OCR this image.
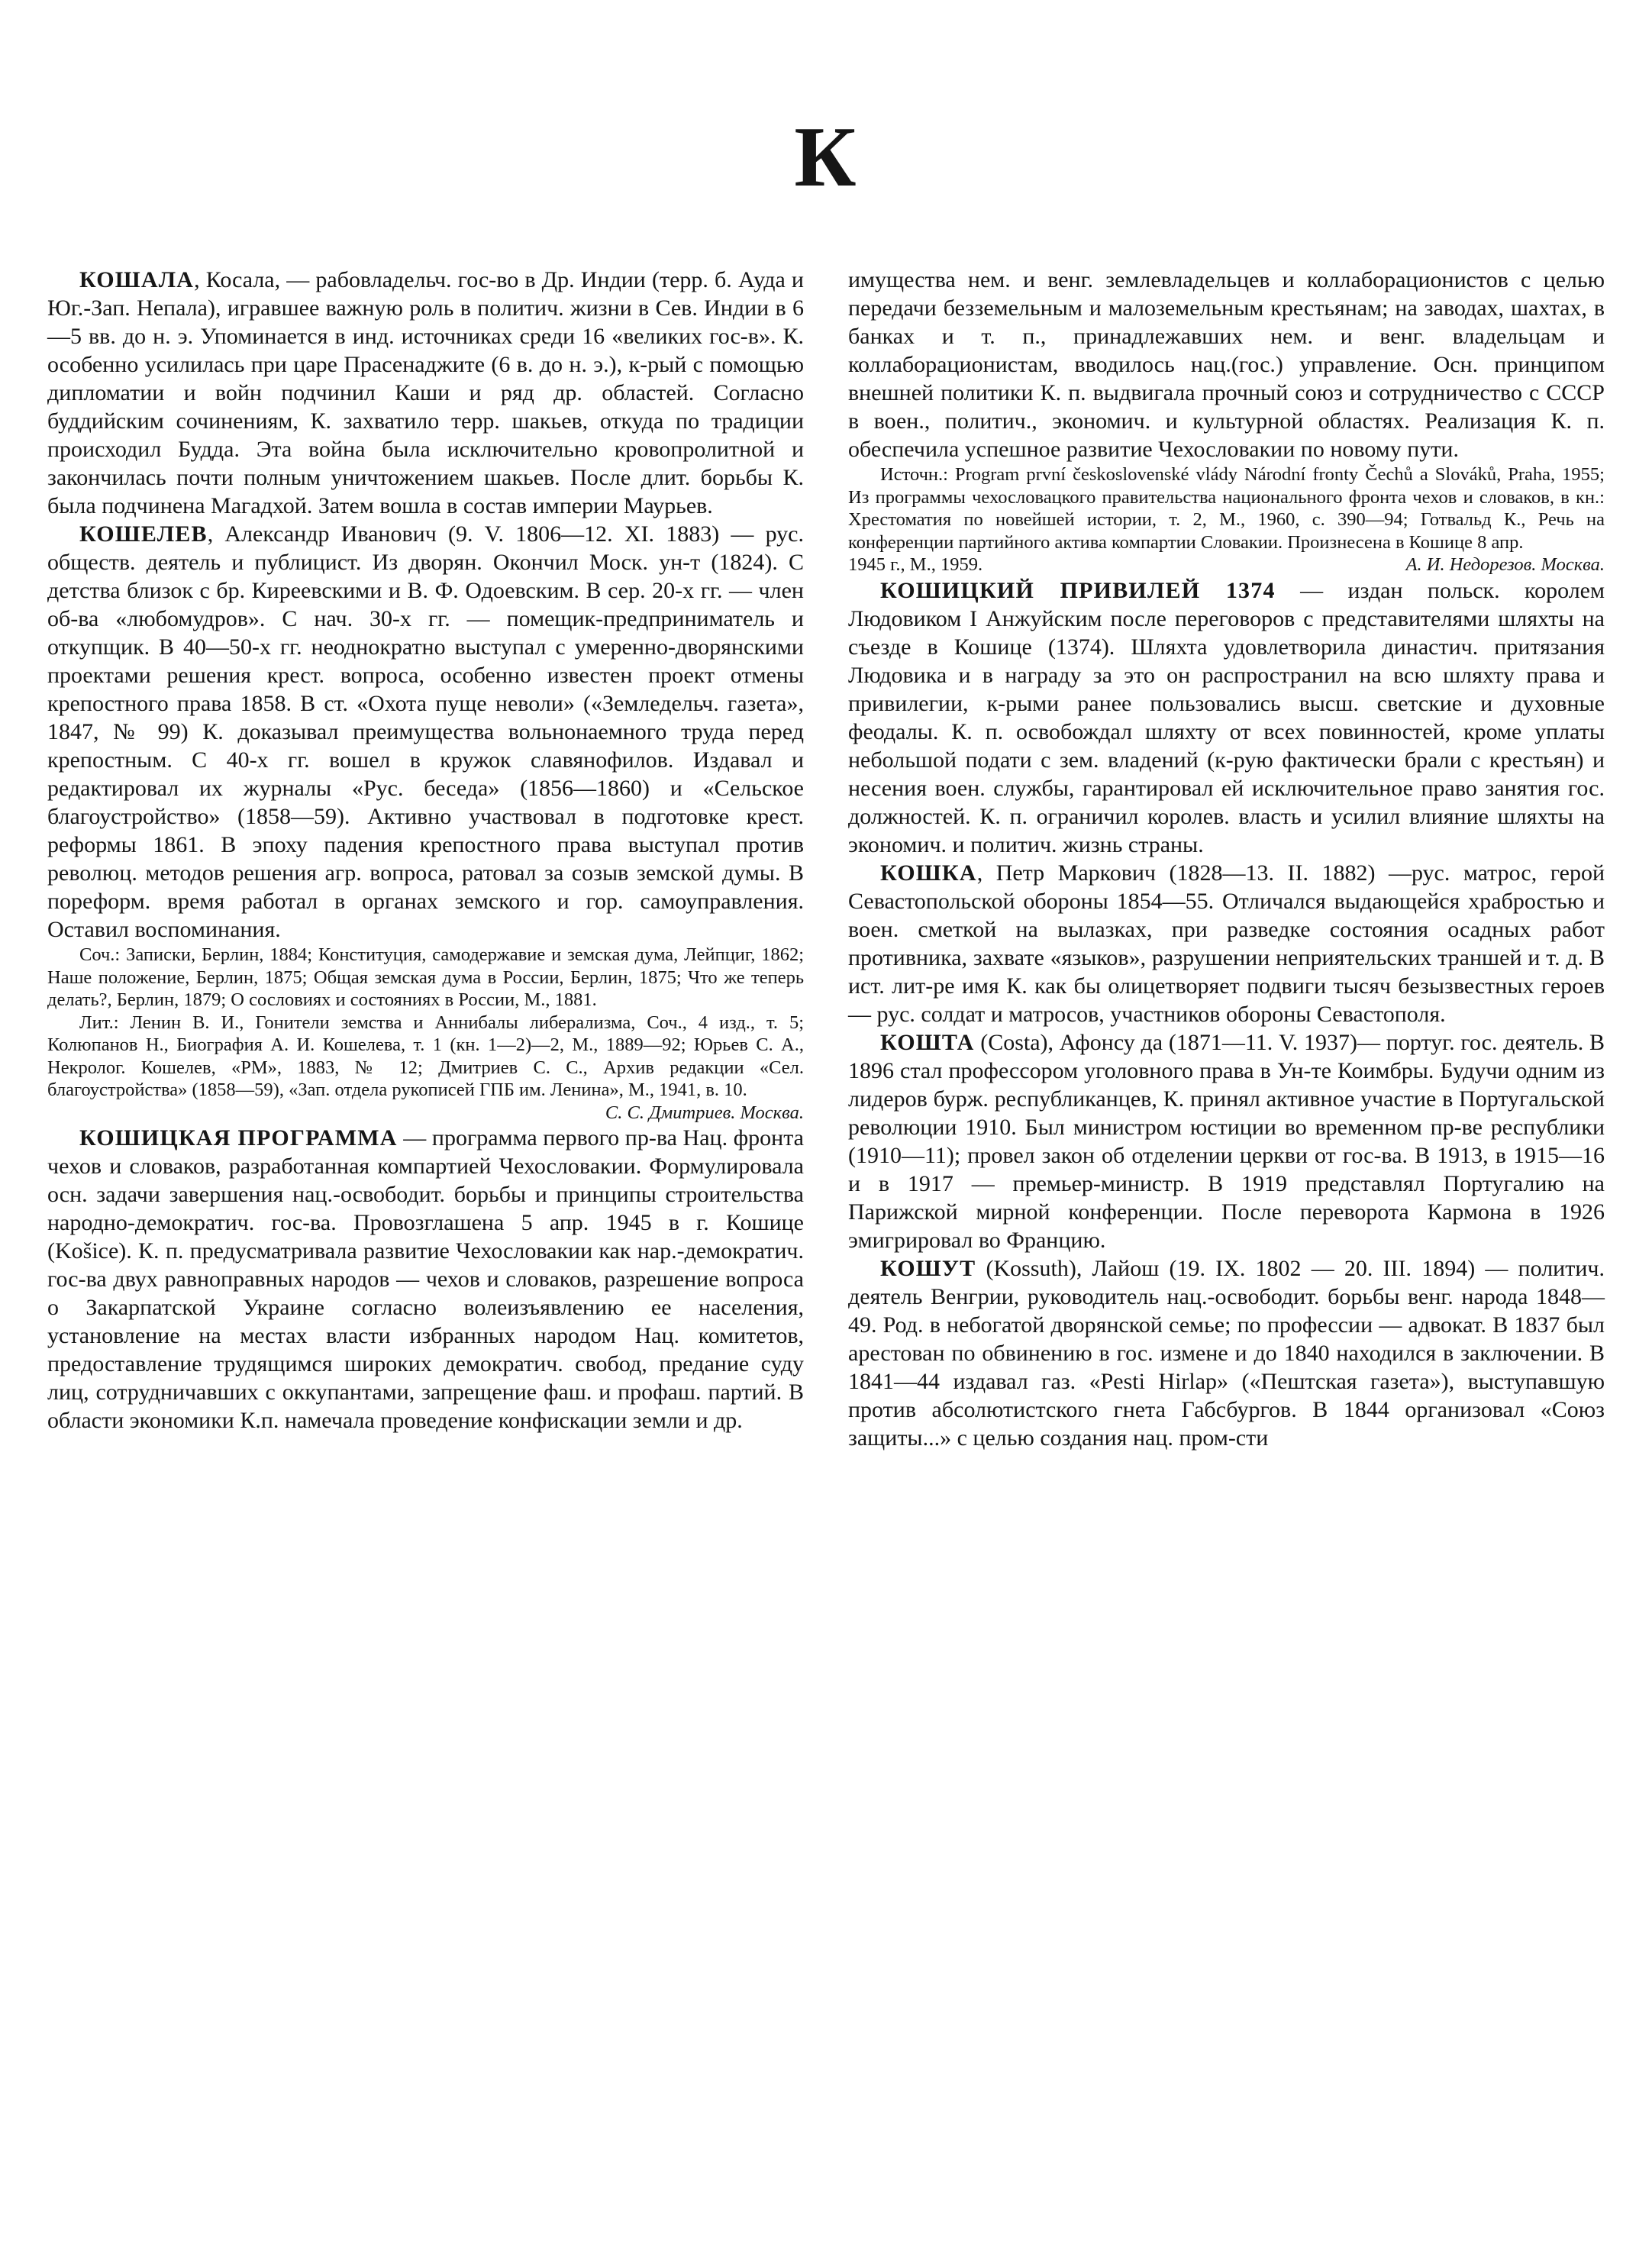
К

КОШАЛА, Косала, — рабовладельч. гос-во в Др. Индии (терр. б. Ауда и Юг.-Зап. Непала), игравшее важную роль в политич. жизни в Сев. Индии в 6—5 вв. до н. э. Упоминается в инд. источниках среди 16 «великих гос-в». К. особенно усилилась при царе Прасенаджите (6 в. до н. э.), к-рый с помощью дипломатии и войн подчинил Каши и ряд др. областей. Согласно буддийским сочинениям, К. захватило терр. шакьев, откуда по традиции происходил Будда. Эта война была исключительно кровопролитной и закончилась почти полным уничтожением шакьев. После длит. борьбы К. была подчинена Магадхой. Затем вошла в состав империи Маурьев.

КОШЕЛЕВ, Александр Иванович (9. V. 1806—12. XI. 1883) — рус. обществ. деятель и публицист. Из дворян. Окончил Моск. ун-т (1824). С детства близок с бр. Киреевскими и В. Ф. Одоевским. В сер. 20-х гг. — член об-ва «любомудров». С нач. 30-х гг. — помещик-предприниматель и откупщик. В 40—50-х гг. неоднократно выступал с умеренно-дворянскими проектами решения крест. вопроса, особенно известен проект отмены крепостного права 1858. В ст. «Охота пуще неволи» («Земледельч. газета», 1847, № 99) К. доказывал преимущества вольнонаемного труда перед крепостным. С 40-х гг. вошел в кружок славянофилов. Издавал и редактировал их журналы «Рус. беседа» (1856—1860) и «Сельское благоустройство» (1858—59). Активно участвовал в подготовке крест. реформы 1861. В эпоху падения крепостного права выступал против революц. методов решения агр. вопроса, ратовал за созыв земской думы. В пореформ. время работал в органах земского и гор. самоуправления. Оставил воспоминания.

Соч.: Записки, Берлин, 1884; Конституция, самодержавие и земская дума, Лейпциг, 1862; Наше положение, Берлин, 1875; Общая земская дума в России, Берлин, 1875; Что же теперь делать?, Берлин, 1879; О сословиях и состояниях в России, М., 1881.

Лит.: Ленин В. И., Гонители земства и Аннибалы либерализма, Соч., 4 изд., т. 5; Колюпанов Н., Биография А. И. Кошелева, т. 1 (кн. 1—2)—2, М., 1889—92; Юрьев С. А., Некролог. Кошелев, «РМ», 1883, № 12; Дмитриев С. С., Архив редакции «Сел. благоустройства» (1858—59), «Зап. отдела рукописей ГПБ им. Ленина», М., 1941, в. 10.

С. С. Дмитриев. Москва.

КОШИЦКАЯ ПРОГРАММА — программа первого пр-ва Нац. фронта чехов и словаков, разработанная компартией Чехословакии. Формулировала осн. задачи завершения нац.-освободит. борьбы и принципы строительства народно-демократич. гос-ва. Провозглашена 5 апр. 1945 в г. Кошице (Košice). К. п. предусматривала развитие Чехословакии как нар.-демократич. гос-ва двух равноправных народов — чехов и словаков, разрешение вопроса о Закарпатской Украине согласно волеизъявлению ее населения, установление на местах власти избранных народом Нац. комитетов, предоставление трудящимся широких демократич. свобод, предание суду лиц, сотрудничавших с оккупантами, запрещение фаш. и профаш. партий. В области экономики К.п. намечала проведение конфискации земли и др.

имущества нем. и венг. землевладельцев и коллаборационистов с целью передачи безземельным и малоземельным крестьянам; на заводах, шахтах, в банках и т. п., принадлежавших нем. и венг. владельцам и коллаборационистам, вводилось нац.(гос.) управление. Осн. принципом внешней политики К. п. выдвигала прочный союз и сотрудничество с СССР в воен., политич., экономич. и культурной областях. Реализация К. п. обеспечила успешное развитие Чехословакии по новому пути.

Источн.: Program první československé vlády Národní fronty Čechů a Slováků, Praha, 1955; Из программы чехословацкого правительства национального фронта чехов и словаков, в кн.: Хрестоматия по новейшей истории, т. 2, М., 1960, с. 390—94; Готвальд К., Речь на конференции партийного актива компартии Словакии. Произнесена в Кошице 8 апр.

1945 г., М., 1959.	А. И. Недорезов. Москва.

КОШИЦКИЙ ПРИВИЛЕЙ 1374 — издан польск. королем Людовиком I Анжуйским после переговоров с представителями шляхты на съезде в Кошице (1374). Шляхта удовлетворила династич. притязания Людовика и в награду за это он распространил на всю шляхту права и привилегии, к-рыми ранее пользовались высш. светские и духовные феодалы. К. п. освобождал шляхту от всех повинностей, кроме уплаты небольшой подати с зем. владений (к-рую фактически брали с крестьян) и несения воен. службы, гарантировал ей исключительное право занятия гос. должностей. К. п. ограничил королев. власть и усилил влияние шляхты на экономич. и политич. жизнь страны.

КОШКА, Петр Маркович (1828—13. II. 1882) —рус. матрос, герой Севастопольской обороны 1854—55. Отличался выдающейся храбростью и воен. сметкой на вылазках, при разведке состояния осадных работ противника, захвате «языков», разрушении неприятельских траншей и т. д. В ист. лит-ре имя К. как бы олицетворяет подвиги тысяч безызвестных героев — рус. солдат и матросов, участников обороны Севастополя.

КОШТА (Costa), Афонсу да (1871—11. V. 1937)— португ. гос. деятель. В 1896 стал профессором уголовного права в Ун-те Коимбры. Будучи одним из лидеров бурж. республиканцев, К. принял активное участие в Португальской революции 1910. Был министром юстиции во временном пр-ве республики (1910—11); провел закон об отделении церкви от гос-ва. В 1913, в 1915—16 и в 1917 — премьер-министр. В 1919 представлял Португалию на Парижской мирной конференции. После переворота Кармона в 1926 эмигрировал во Францию.

КОШУТ (Kossuth), Лайош (19. IX. 1802 — 20. III. 1894) — политич. деятель Венгрии, руководитель нац.-освободит. борьбы венг. народа 1848—49. Род. в небогатой дворянской семье; по профессии — адвокат. В 1837 был арестован по обвинению в гос. измене и до 1840 находился в заключении. В 1841—44 издавал газ. «Pesti Hirlap» («Пештская газета»), выступавшую против абсолютистского гнета Габсбургов. В 1844 организовал «Союз защиты...» с целью создания нац. пром-сти
